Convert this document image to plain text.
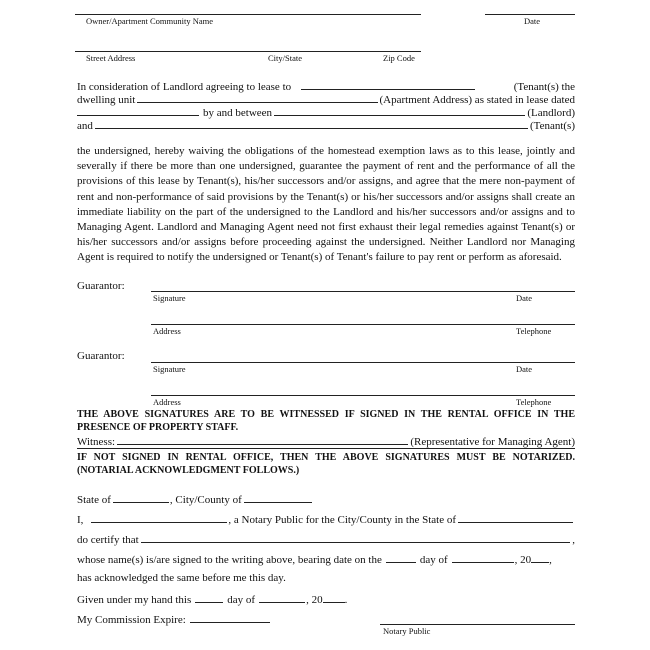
Owner/Apartment Community Name	Date
Street Address	City/State	Zip Code
In consideration of Landlord agreeing to lease to	(Tenant(s) the
dwelling unit	(Apartment Address) as stated in lease dated
by and between	(Landlord)
and	(Tenant(s)
the undersigned, hereby waiving the obligations of the homestead exemption laws as to this lease, jointly and severally if there be more than one undersigned, guarantee the payment of rent and the performance of all the provisions of this lease by Tenant(s), his/her successors and/or assigns, and agree that the mere non-payment of rent and non-performance of said provisions by the Tenant(s) or his/her successors and/or assigns shall create an immediate liability on the part of the undersigned to the Landlord and his/her successors and/or assigns and to Managing Agent. Landlord and Managing Agent need not first exhaust their legal remedies against Tenant(s) or his/her successors and/or assigns before proceeding against the undersigned. Neither Landlord nor Managing Agent is required to notify the undersigned or Tenant(s) of Tenant's failure to pay rent or perform as aforesaid.
Guarantor:
Signature	Date
Address	Telephone
Guarantor:
Signature	Date
Address	Telephone
THE ABOVE SIGNATURES ARE TO BE WITNESSED IF SIGNED IN THE RENTAL OFFICE IN THE PRESENCE OF PROPERTY STAFF.
Witness:	(Representative for Managing Agent)
IF NOT SIGNED IN RENTAL OFFICE, THEN THE ABOVE SIGNATURES MUST BE NOTARIZED. (NOTARIAL ACKNOWLEDGMENT FOLLOWS.)
State of	, City/County of
I,	, a Notary Public for the City/County in the State of
do certify that	,
whose name(s) is/are signed to the writing above, bearing date on the	day of	, 20 ,
has acknowledged the same before me this day.
Given under my hand this	day of	, 20 .
My Commission Expire:
Notary Public
